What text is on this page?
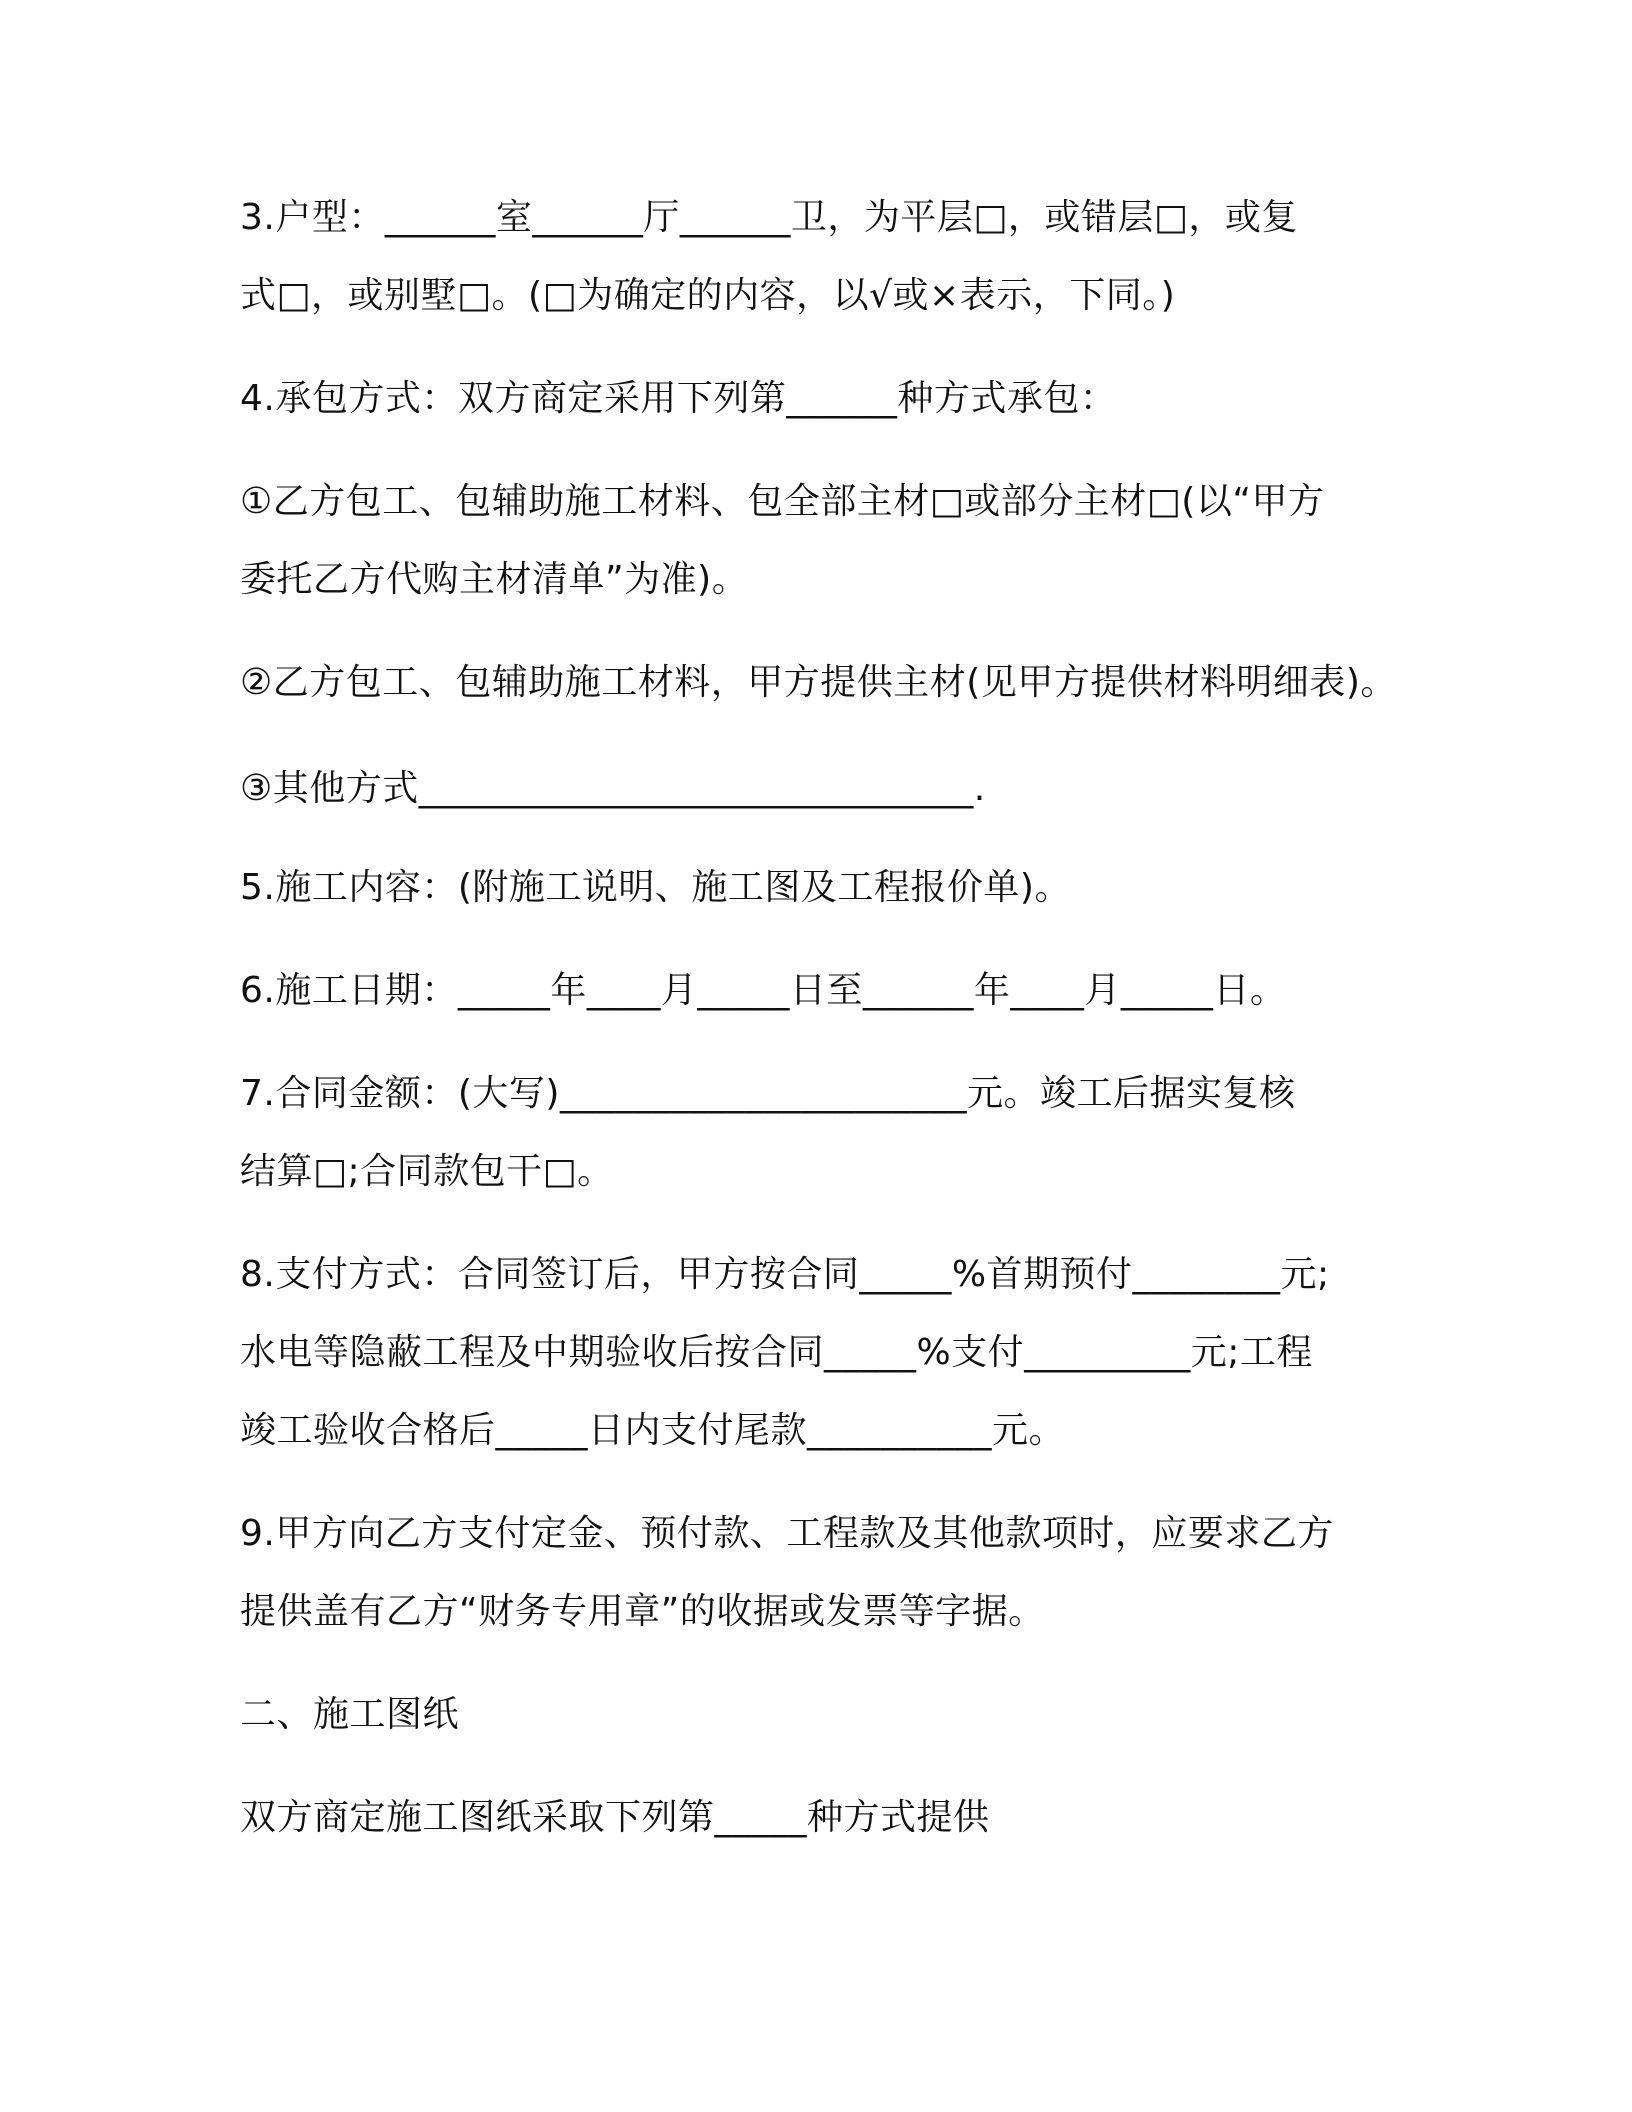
3.户型：______室______厅______卫，为平层□，或错层□，或复

式□，或别墅□。(□为确定的内容，以√或×表示，下同。)

4.承包方式：双方商定采用下列第______种方式承包：

①乙方包工、包辅助施工材料、包全部主材□或部分主材□(以“甲方

委托乙方代购主材清单”为准)。

②乙方包工、包辅助施工材料，甲方提供主材(见甲方提供材料明细表)。

③其他方式______________________________.

5.施工内容：(附施工说明、施工图及工程报价单)。

6.施工日期：_____年____月_____日至______年____月_____日。

7.合同金额：(大写)______________________元。竣工后据实复核

结算□;合同款包干□。

8.支付方式：合同签订后，甲方按合同_____%首期预付________元;

水电等隐蔽工程及中期验收后按合同_____%支付_________元;工程

竣工验收合格后_____日内支付尾款__________元。

9.甲方向乙方支付定金、预付款、工程款及其他款项时，应要求乙方

提供盖有乙方“财务专用章”的收据或发票等字据。

二、施工图纸

双方商定施工图纸采取下列第_____种方式提供
